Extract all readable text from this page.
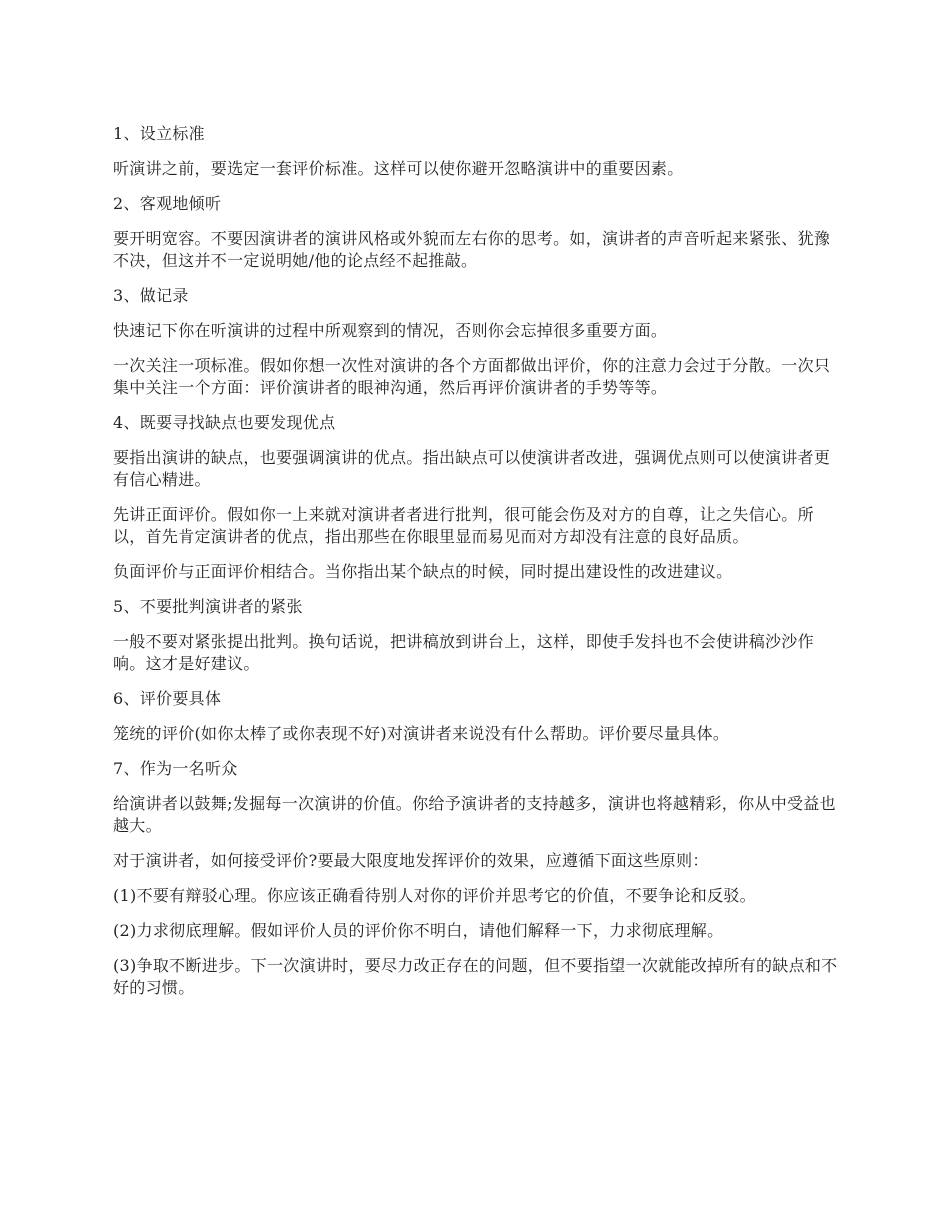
1、设立标准

听演讲之前，要选定一套评价标准。这样可以使你避开忽略演讲中的重要因素。

2、客观地倾听

要开明宽容。不要因演讲者的演讲风格或外貌而左右你的思考。如，演讲者的声音听起来紧张、犹豫不决，但这并不一定说明她/他的论点经不起推敲。

3、做记录

快速记下你在听演讲的过程中所观察到的情况，否则你会忘掉很多重要方面。

一次关注一项标准。假如你想一次性对演讲的各个方面都做出评价，你的注意力会过于分散。一次只集中关注一个方面：评价演讲者的眼神沟通，然后再评价演讲者的手势等等。

4、既要寻找缺点也要发现优点

要指出演讲的缺点，也要强调演讲的优点。指出缺点可以使演讲者改进，强调优点则可以使演讲者更有信心精进。

先讲正面评价。假如你一上来就对演讲者者进行批判，很可能会伤及对方的自尊，让之失信心。所以，首先肯定演讲者的优点，指出那些在你眼里显而易见而对方却没有注意的良好品质。

负面评价与正面评价相结合。当你指出某个缺点的时候，同时提出建设性的改进建议。

5、不要批判演讲者的紧张

一般不要对紧张提出批判。换句话说，把讲稿放到讲台上，这样，即使手发抖也不会使讲稿沙沙作响。这才是好建议。

6、评价要具体

笼统的评价(如你太棒了或你表现不好)对演讲者来说没有什么帮助。评价要尽量具体。

7、作为一名听众

给演讲者以鼓舞;发掘每一次演讲的价值。你给予演讲者的支持越多，演讲也将越精彩，你从中受益也越大。

对于演讲者，如何接受评价?要最大限度地发挥评价的效果，应遵循下面这些原则：

(1)不要有辩驳心理。你应该正确看待别人对你的评价并思考它的价值，不要争论和反驳。

(2)力求彻底理解。假如评价人员的评价你不明白，请他们解释一下，力求彻底理解。

(3)争取不断进步。下一次演讲时，要尽力改正存在的问题，但不要指望一次就能改掉所有的缺点和不好的习惯。
